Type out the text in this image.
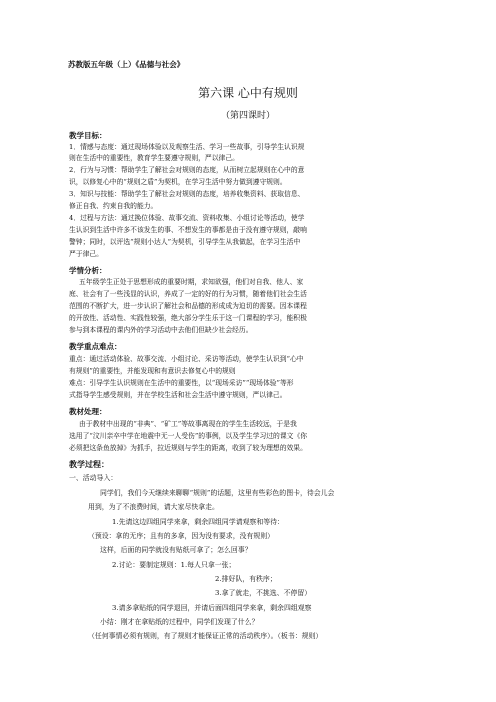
苏教版五年级（上）《品德与社会》
第六课 心中有规则
（第四课时）
教学目标：
1．情感与态度：通过现场体验以及观察生活、学习一些故事，引导学生认识规
则在生活中的重要性，教育学生要遵守规则，严以律己。
2．行为与习惯：帮助学生了解社会对规则的态度，从而树立起规则在心中的意
识，以修复心中的“规则之盾”为契机，在学习生活中努力做到遵守规则。
3．知识与技能：帮助学生了解社会对规则的态度，培养收集资料、获取信息、
修正自我、约束自我的能力。
4．过程与方法：通过换位体验、故事交流、资料收集、小组讨论等活动，使学
生认识到生活中许多不该发生的事、不想发生的事都是由于没有遵守规则，敲响
警钟；同时，以评选“规则小达人”为契机，引导学生从我做起，在学习生活中
严于律己。
学情分析：
五年级学生正处于思想形成的重要时期，求知欲强，他们对自我、他人、家
庭、社会有了一些浅显的认识，养成了一定的好的行为习惯，随着他们社会生活
范围的不断扩大，进一步认识了解社会和品德的形成成为迫切的需要。因本课程
的开放性、活动性、实践性较强，绝大部分学生乐于这一门课程的学习，能积极
参与到本课程的课内外的学习活动中去他们但缺少社会经历。
教学重点难点：
重点：通过活动体验、故事交流、小组讨论、采访等活动，使学生认识到“心中
有规则”的重要性，并能发现和有意识去修复心中的规则
难点：引导学生认识规则在生活中的重要性，以“现场采访”“现场体验”等形
式指导学生感受规则，并在学校生活和社会生活中遵守规则，严以律己。
教材处理：
由于教材中出现的“非典”、“矿工”等故事离现在的学生生活较远，于是我
选用了“汶川亲卒中学在地震中无一人受伤”的事例，以及学生学习过的课文《你
必须把这条鱼放掉》为抓手，拉近规则与学生的距离，收到了较为理想的效果。
教学过程：
一、活动导入：
同学们，我们今天继续来聊聊“规则”的话题，这里有些彩色的图卡，待会儿会
用到，为了不浪费时间，请大家尽快拿走。
1.先请这边四组同学来拿，剩余四组同学请观察和等待：
（预设：拿的无序；且有的多拿，因为没有要求，没有规则）
这样，后面的同学就没有贴纸可拿了；怎么回事？
2.讨论：要制定规则：1.每人只拿一张；
2.排好队，有秩序；
3.拿了就走，不挑选、不停留）
3.请多拿贴纸的同学退回，并请后面四组同学来拿，剩余四组观察
小结：刚才在拿贴纸的过程中，同学们发现了什么？
（任何事情必须有规则，有了规则才能保证正常的活动秩序）。（板书：规则）
